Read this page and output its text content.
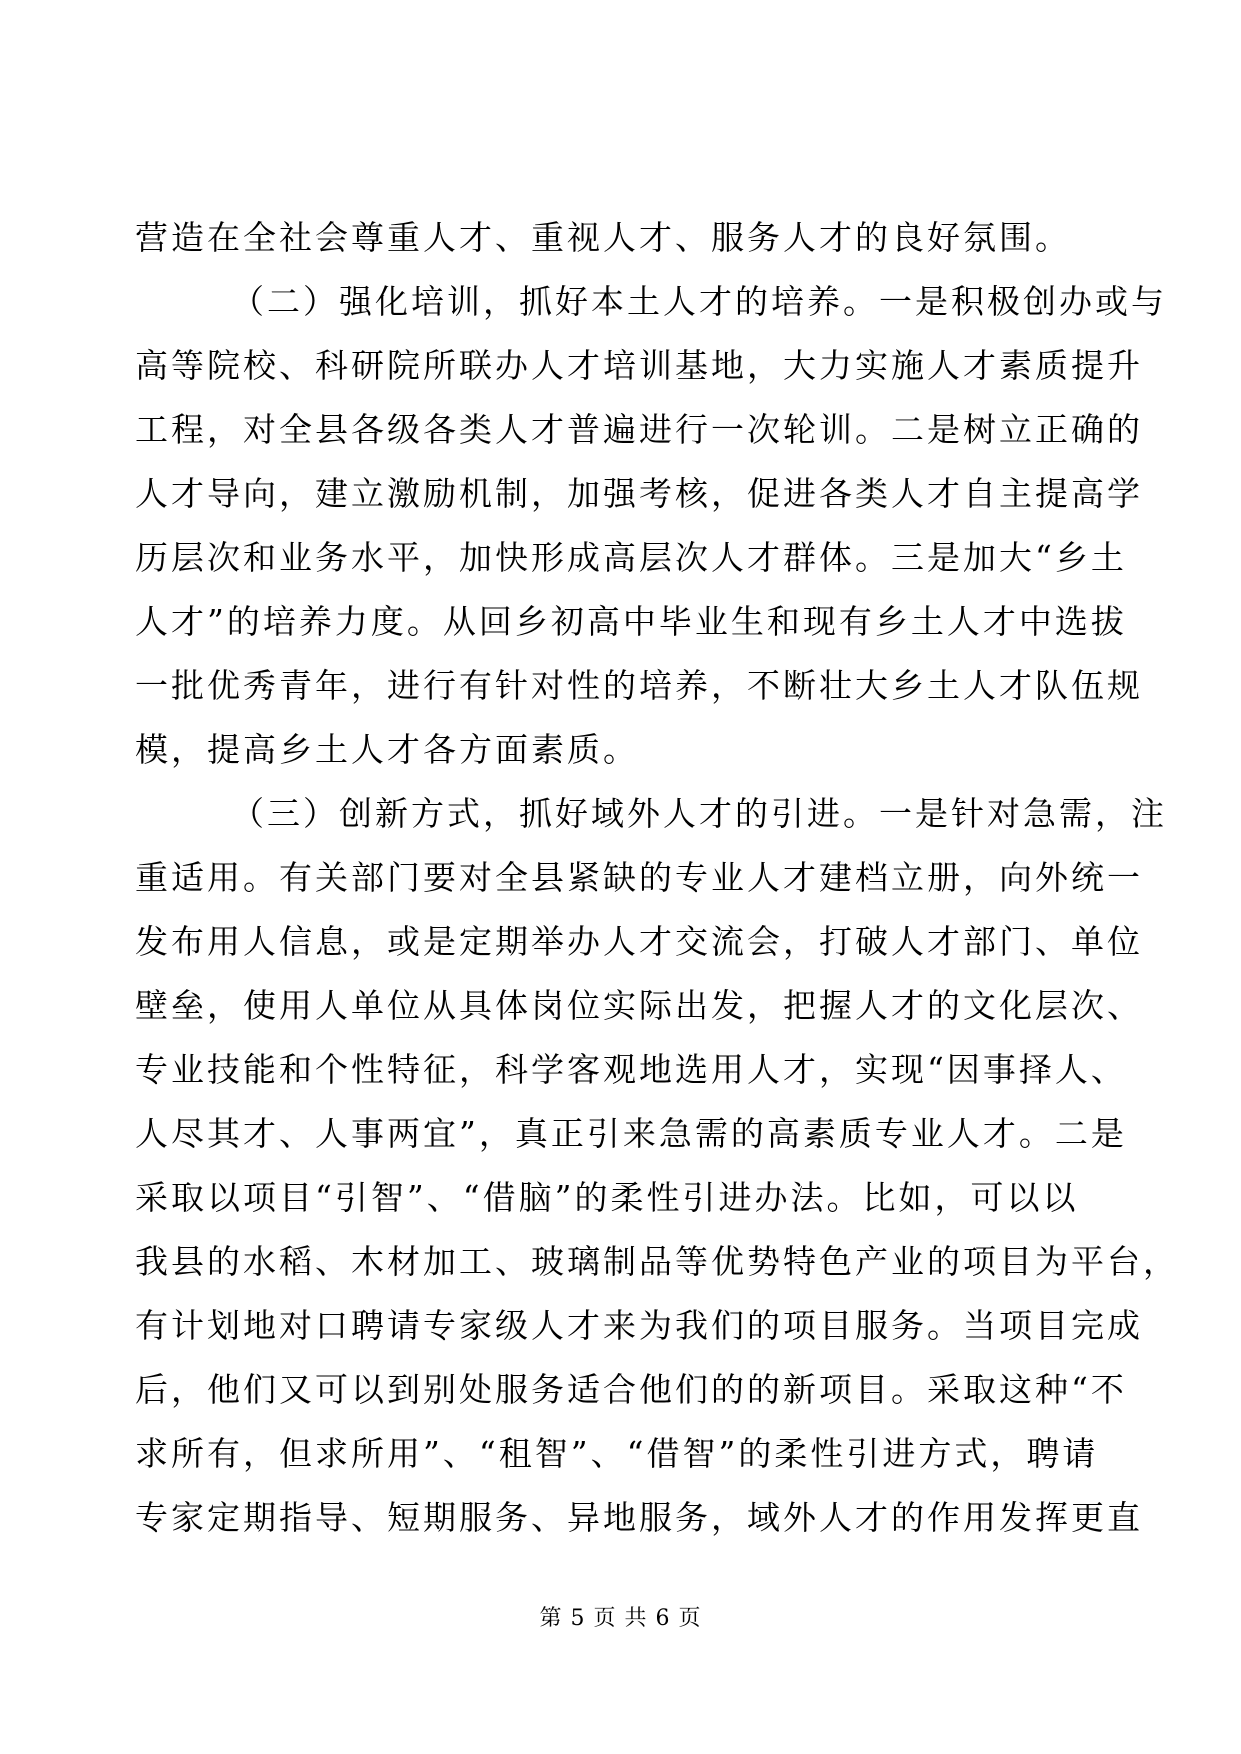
营造在全社会尊重人才、重视人才、服务人才的良好氛围。
（二）强化培训，抓好本土人才的培养。一是积极创办或与
高等院校、科研院所联办人才培训基地，大力实施人才素质提升
工程，对全县各级各类人才普遍进行一次轮训。二是树立正确的
人才导向，建立激励机制，加强考核，促进各类人才自主提高学
历层次和业务水平，加快形成高层次人才群体。三是加大“乡土
人才”的培养力度。从回乡初高中毕业生和现有乡土人才中选拔
一批优秀青年，进行有针对性的培养，不断壮大乡土人才队伍规
模，提高乡土人才各方面素质。
（三）创新方式，抓好域外人才的引进。一是针对急需，注
重适用。有关部门要对全县紧缺的专业人才建档立册，向外统一
发布用人信息，或是定期举办人才交流会，打破人才部门、单位
壁垒，使用人单位从具体岗位实际出发，把握人才的文化层次、
专业技能和个性特征，科学客观地选用人才，实现“因事择人、
人尽其才、人事两宜”，真正引来急需的高素质专业人才。二是
采取以项目“引智”、“借脑”的柔性引进办法。比如，可以以
我县的水稻、木材加工、玻璃制品等优势特色产业的项目为平台，
有计划地对口聘请专家级人才来为我们的项目服务。当项目完成
后，他们又可以到别处服务适合他们的的新项目。采取这种“不
求所有，但求所用”、“租智”、“借智”的柔性引进方式，聘请
专家定期指导、短期服务、异地服务，域外人才的作用发挥更直
第 5 页 共 6 页
